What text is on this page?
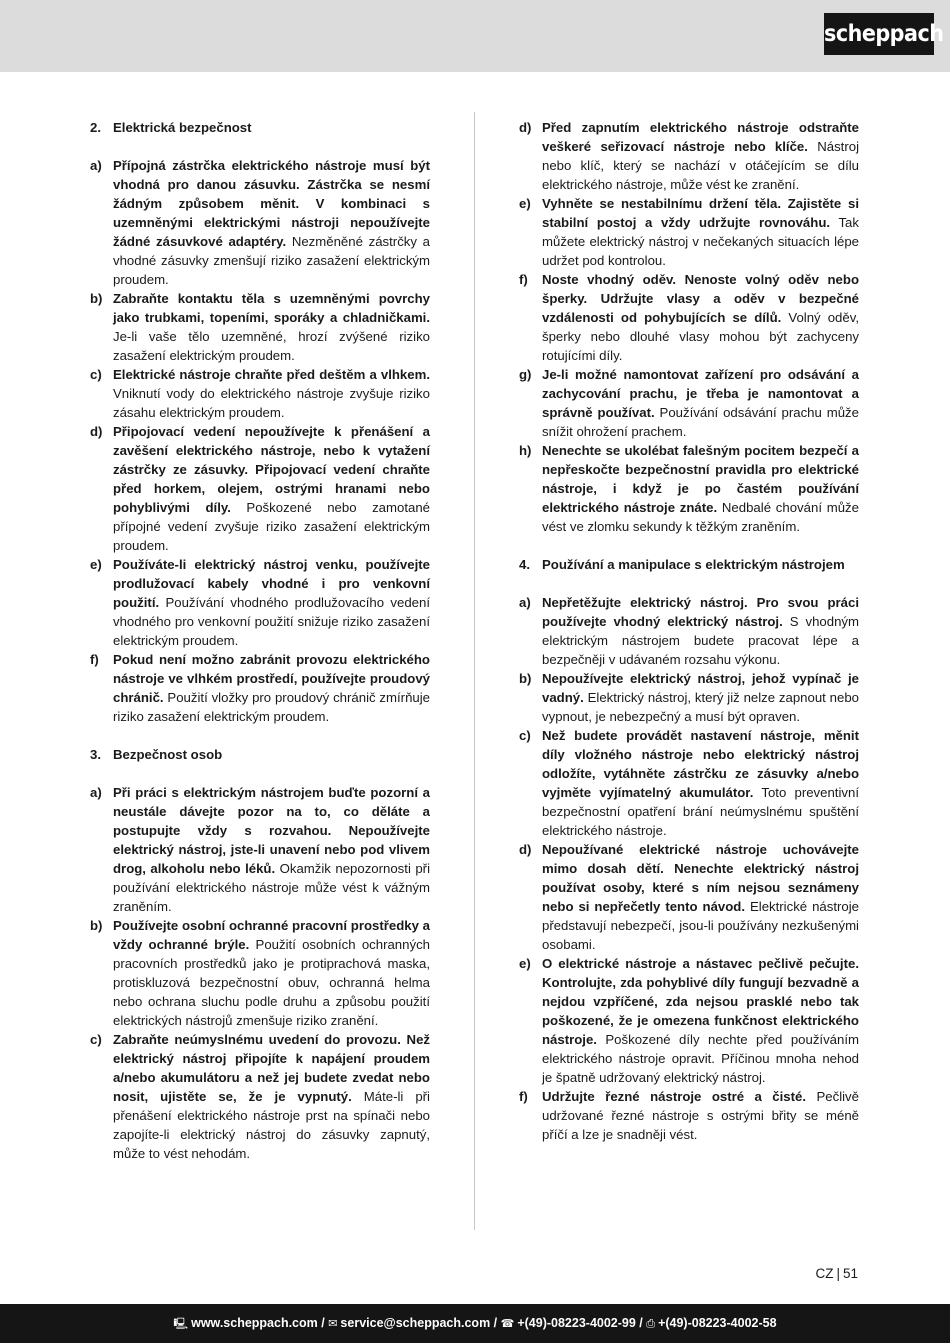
scheppach

2. Elektrická bezpečnost

a) Přípojná zástrčka elektrického nástroje musí být vhodná pro danou zásuvku. Zástrčka se nesmí žádným způsobem měnit. V kombinaci s uzemněnými elektrickými nástroji nepoužívejte žádné zásuvkové adaptéry. Nezměněné zástrčky a vhodné zásuvky zmenšují riziko zasažení elektrickým proudem.

b) Zabraňte kontaktu těla s uzemněnými povrchy jako trubkami, topeními, sporáky a chladničkami. Je-li vaše tělo uzemněné, hrozí zvýšené riziko zasažení elektrickým proudem.

c) Elektrické nástroje chraňte před deštěm a vlhkem. Vniknutí vody do elektrického nástroje zvyšuje riziko zásahu elektrickým proudem.

d) Připojovací vedení nepoužívejte k přenášení a zavěšení elektrického nástroje, nebo k vytažení zástrčky ze zásuvky. Připojovací vedení chraňte před horkem, olejem, ostrými hranami nebo pohyblivými díly. Poškozené nebo zamotané přípojné vedení zvyšuje riziko zasažení elektrickým proudem.

e) Používáte-li elektrický nástroj venku, používejte prodlužovací kabely vhodné i pro venkovní použití. Používání vhodného prodlužovacího vedení vhodného pro venkovní použití snižuje riziko zasažení elektrickým proudem.

f) Pokud není možno zabránit provozu elektrického nástroje ve vlhkém prostředí, používejte proudový chránič. Použití vložky pro proudový chránič zmírňuje riziko zasažení elektrickým proudem.

3. Bezpečnost osob

a) Při práci s elektrickým nástrojem buďte pozorní a neustále dávejte pozor na to, co děláte a postupujte vždy s rozvahou. Nepoužívejte elektrický nástroj, jste-li unavení nebo pod vlivem drog, alkoholu nebo léků. Okamžik nepozornosti při používání elektrického nástroje může vést k vážným zraněním.

b) Používejte osobní ochranné pracovní prostředky a vždy ochranné brýle. Použití osobních ochranných pracovních prostředků jako je protiprachová maska, protiskluzová bezpečnostní obuv, ochranná helma nebo ochrana sluchu podle druhu a způsobu použití elektrických nástrojů zmenšuje riziko zranění.

c) Zabraňte neúmyslnému uvedení do provozu. Než elektrický nástroj připojíte k napájení proudem a/nebo akumulátoru a než jej budete zvedat nebo nosit, ujistěte se, že je vypnutý. Máte-li při přenášení elektrického nástroje prst na spínači nebo zapojíte-li elektrický nástroj do zásuvky zapnutý, může to vést nehodám.

d) Před zapnutím elektrického nástroje odstraňte veškeré seřizovací nástroje nebo klíče. Nástroj nebo klíč, který se nachází v otáčejícím se dílu elektrického nástroje, může vést ke zranění.

e) Vyhněte se nestabilnímu držení těla. Zajistěte si stabilní postoj a vždy udržujte rovnováhu. Tak můžete elektrický nástroj v nečekaných situacích lépe udržet pod kontrolou.

f) Noste vhodný oděv. Nenoste volný oděv nebo šperky. Udržujte vlasy a oděv v bezpečné vzdálenosti od pohybujících se dílů. Volný oděv, šperky nebo dlouhé vlasy mohou být zachyceny rotujícími díly.

g) Je-li možné namontovat zařízení pro odsávání a zachycování prachu, je třeba je namontovat a správně používat. Používání odsávání prachu může snížit ohrožení prachem.

h) Nenechte se ukolébat falešným pocitem bezpečí a nepřeskočte bezpečnostní pravidla pro elektrické nástroje, i když je po častém používání elektrického nástroje znáte. Nedbalé chování může vést ve zlomku sekundy k těžkým zraněním.

4. Používání a manipulace s elektrickým nástrojem

a) Nepřetěžujte elektrický nástroj. Pro svou práci používejte vhodný elektrický nástroj. S vhodným elektrickým nástrojem budete pracovat lépe a bezpečněji v udávaném rozsahu výkonu.

b) Nepoužívejte elektrický nástroj, jehož vypínač je vadný. Elektrický nástroj, který již nelze zapnout nebo vypnout, je nebezpečný a musí být opraven.

c) Než budete provádět nastavení nástroje, měnit díly vložného nástroje nebo elektrický nástroj odložíte, vytáhněte zástrčku ze zásuvky a/nebo vyjměte vyjímatelný akumulátor. Toto preventivní bezpečnostní opatření brání neúmyslnému spuštění elektrického nástroje.

d) Nepoužívané elektrické nástroje uchovávejte mimo dosah dětí. Nenechte elektrický nástroj používat osoby, které s ním nejsou seznámeny nebo si nepřečetly tento návod. Elektrické nástroje představují nebezpečí, jsou-li používány nezkušenými osobami.

e) O elektrické nástroje a nástavec pečlivě pečujte. Kontrolujte, zda pohyblivé díly fungují bezvadně a nejdou vzpříčené, zda nejsou prasklé nebo tak poškozené, že je omezena funkčnost elektrického nástroje. Poškozené díly nechte před používáním elektrického nástroje opravit. Příčinou mnoha nehod je špatně udržovaný elektrický nástroj.

f) Udržujte řezné nástroje ostré a čisté. Pečlivě udržované řezné nástroje s ostrými břity se méně příčí a lze je snadněji vést.

CZ | 51
🖳 www.scheppach.com / ✉ service@scheppach.com / ☎ +(49)-08223-4002-99 / ⎙ +(49)-08223-4002-58
